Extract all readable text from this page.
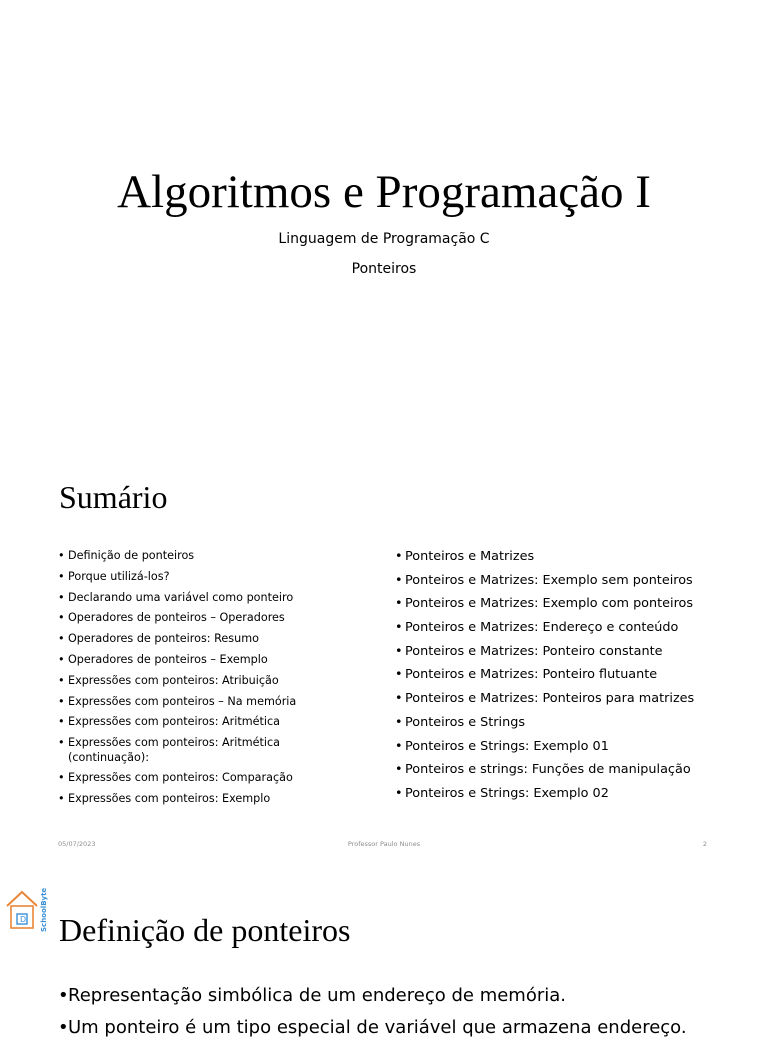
Algoritmos e Programação I
Linguagem de Programação C
Ponteiros
Sumário
• Definição de ponteiros
• Porque utilizá-los?
• Declarando uma variável como ponteiro
• Operadores de ponteiros – Operadores
• Operadores de ponteiros: Resumo
• Operadores de ponteiros – Exemplo
• Expressões com ponteiros: Atribuição
• Expressões com ponteiros – Na memória
• Expressões com ponteiros: Aritmética
• Expressões com ponteiros: Aritmética (continuação):
• Expressões com ponteiros: Comparação
• Expressões com ponteiros: Exemplo
• Ponteiros e Matrizes
• Ponteiros e Matrizes: Exemplo sem ponteiros
• Ponteiros e Matrizes: Exemplo com ponteiros
• Ponteiros e Matrizes: Endereço e conteúdo
• Ponteiros e Matrizes: Ponteiro constante
• Ponteiros e Matrizes: Ponteiro flutuante
• Ponteiros e Matrizes: Ponteiros para matrizes
• Ponteiros e Strings
• Ponteiros e Strings: Exemplo 01
• Ponteiros e strings: Funções de manipulação
• Ponteiros e Strings: Exemplo 02
05/07/2023	Professor Paulo Nunes	2
D SchoolByte Definição de ponteiros
• Representação simbólica de um endereço de memória.
• Um ponteiro é um tipo especial de variável que armazena endereço.
